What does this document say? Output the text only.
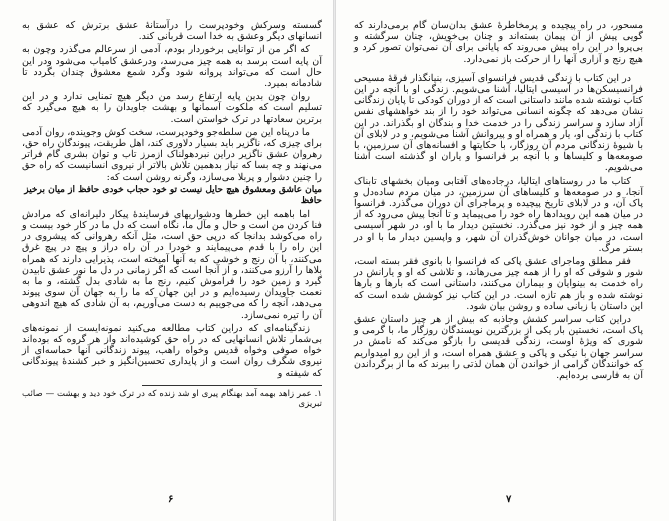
گسسته وسرکش وخودپرست را درآستانهٔ عشق برترش که عشق به انسانهای دیگر وعشق به خدا است قربانی کند.

که اگر من از توانایی برخوردار بودم، آدمی از سرعالم می‌گذرد وچون به آن پایه است برسد به همه چیز می‌رسد، ودرعشق کامیاب می‌شود ودر این حال است که می‌تواند پروانه شود وگرد شمع معشوق چندان بگردد تا شادمانه بمیرد.

روان چون بدین پایه ارتفاع رسد من دیگر هیچ تمنایی ندارد و در این تسلیم است که ملکوت آسمانها و بهشت جاویدان را به هیچ می‌گیرد که برترین سعادتها در ترک خواستن است.

ما درپناه این من سلطه‌جو وخودپرست، سخت کوش وجوینده، روان آدمی برای چیزی که، ناگزیر باید بسیار دلاوری کند، اهل طریقت، پیوندگان راه حق، رهروان عشق ناگزیر دراین نبردهولناک ازمرز تاب و توان بشری گام فراتر می‌نهند و چه بسا که نیاز بدهمین تلاش بالاتر از نیروی انسانیست که راه حق را چنین دشوار و پربلا می‌سازد، وگرنه روشن است که:

میان عاشق ومعشوق هیچ حایل نیست تو خود حجاب خودی حافظ از میان برخیز
حافظ

اما باهمه این خطرها ودشواریهای فرسایندهٔ پیکار دلیرانه‌ای که مرادش فنا کردن من است و حال و مآل ما، نگاه است که دل ما در کار خود بیست و راه می‌کوشد بدانجا که درپی حق است، مثل آنکه رهروانی که پیشروی در این راه را با قدم می‌پیمایند و خودرا در آن راه دراز و پیچ در پیچ غرق می‌کنند، با آن رنج و خوشی که به آنها آمیخته است، پذیرایی دارند که همراه بلاها را آرزو می‌کنند، و از آنجا است که اگر زمانی در دل ما نور عشق تابیدن گیرد و زمین خود را فراموش کنیم، رنج ما به شادی بدل گشته، و ما به نعمت جاویدان رسیده‌ایم و در این جهان که ما را به جهان آن سوی پیوند می‌دهد، آنچه را که می‌جوییم به دست می‌آوریم، به آن شادی که هیچ اندوهی آن را تیره نمی‌سازد.

زندگینامه‌ای که دراین کتاب مطالعه می‌کنید نمونه‌ایست از نمونه‌های بی‌شمار تلاش انسانهایی که در راه حق کوشیده‌اند واز هر گروه که بوده‌اند خواه صوفی وخواه قدیس وخواه راهب، پیوند زندگانی آنها حماسه‌ای از نیروی شگرف روان است و از پایداری تحسین‌انگیز و خبر کشندهٔ پیوندگانی که شیفته و

۱. عمر زاهد بهمه آمد بهنگام پیری او شد زنده که در ترک خود دید و بهشت — صائب تبریزی

۶

مسحور، در راه پیچیده و پرمخاطرهٔ عشق بدان‌سان گام برمی‌دارند که گویی پیش از آن پیمان بسته‌اند و چنان بی‌خویش، چنان سرگشته و بی‌پروا در این راه پیش می‌روند که پایانی برای آن نمی‌توان تصور کرد و هیچ رنج و آزاری آنها را از حرکت باز نمی‌دارد.

در این کتاب با زندگی قدیس فرانسوای آسیزی، بنیانگذار فرقهٔ مسیحی فرانسیسکن‌ها در آسیسی ایتالیا، آشنا می‌شویم. زندگی او با آنچه در این کتاب نوشته شده مانند داستانی است که از دوران کودکی تا پایان زندگانی نشان می‌دهد که چگونه انسانی می‌تواند خود را از بند خواهشهای نفس آزاد سازد و سراسر زندگی را در خدمت خدا و بندگان او بگذراند. در این کتاب با زندگی او، یار و همراه او و پیروانش آشنا می‌شویم، و در لابلای آن با شیوهٔ زندگانی مردم آن روزگار، با حکایتها و افسانه‌های آن سرزمین، با صومعه‌ها و کلیساها و با آنچه بر فرانسوا و یاران او گذشته است آشنا می‌شویم.

کتاب ما در روستاهای ایتالیا، درجاده‌های آفتابی ومیان بخشهای تابناک آنجا، و در صومعه‌ها و کلیساهای آن سرزمین، در میان مردم ساده‌دل و پاک آن، و در لابلای تاریخ پیچیده و پرماجرای آن دوران می‌گذرد. فرانسوا در میان همه این رویدادها راه خود را می‌پیماید و تا آنجا پیش می‌رود که از همه چیز و از خود نیز می‌گذرد. نخستین دیدار ما با او، در شهر آسیسی است، در میان جوانان خوش‌گذران آن شهر، و واپسین دیدار ما با او در بستر مرگ.

فقر مطلق وماجرای عشق پاکی که فرانسوا با بانوی فقر بسته است، شور و شوقی که او را از همه چیز می‌رهاند، و تلاشی که او و یارانش در راه خدمت به بینوایان و بیماران می‌کنند، داستانی است که بارها و بارها نوشته شده و باز هم تازه است. در این کتاب نیز کوشش شده است که این داستان با زبانی ساده و روشن بیان شود.

دراین کتاب سراسر کشش وجاذبه که بیش از هر چیز داستان عشق پاک است، نخستین بار یکی از بزرگترین نویسندگان روزگار ما، با گرمی و شوری که ویژهٔ اوست، زندگی قدیسی را بازگو می‌کند که نامش در سراسر جهان با نیکی و پاکی و عشق همراه است، و از این رو امیدواریم که خوانندگان گرامی از خواندن آن همان لذتی را ببرند که ما از برگرداندن آن به فارسی برده‌ایم.

۷
